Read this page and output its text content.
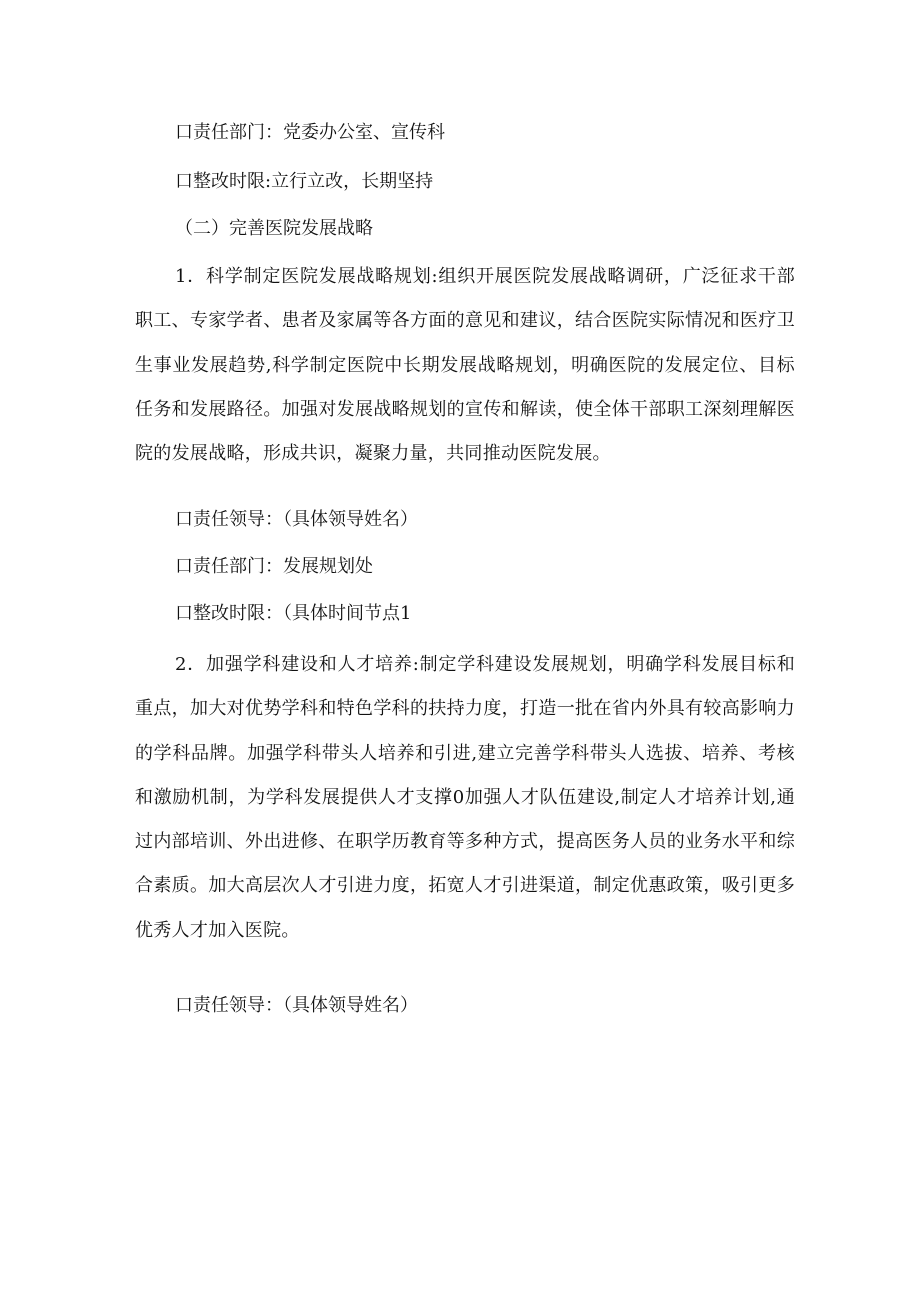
口责任部门：党委办公室、宣传科
口整改时限:立行立改，长期坚持
（二）完善医院发展战略
1．科学制定医院发展战略规划:组织开展医院发展战略调研，广泛征求干部职工、专家学者、患者及家属等各方面的意见和建议，结合医院实际情况和医疗卫生事业发展趋势,科学制定医院中长期发展战略规划，明确医院的发展定位、目标任务和发展路径。加强对发展战略规划的宣传和解读，使全体干部职工深刻理解医院的发展战略，形成共识，凝聚力量，共同推动医院发展。
口责任领导：（具体领导姓名）
口责任部门：发展规划处
口整改时限：（具体时间节点1
2．加强学科建设和人才培养:制定学科建设发展规划，明确学科发展目标和重点，加大对优势学科和特色学科的扶持力度，打造一批在省内外具有较高影响力的学科品牌。加强学科带头人培养和引进,建立完善学科带头人选拔、培养、考核和激励机制，为学科发展提供人才支撑0加强人才队伍建设,制定人才培养计划,通过内部培训、外出进修、在职学历教育等多种方式，提高医务人员的业务水平和综合素质。加大高层次人才引进力度，拓宽人才引进渠道，制定优惠政策，吸引更多优秀人才加入医院。
口责任领导：（具体领导姓名）
